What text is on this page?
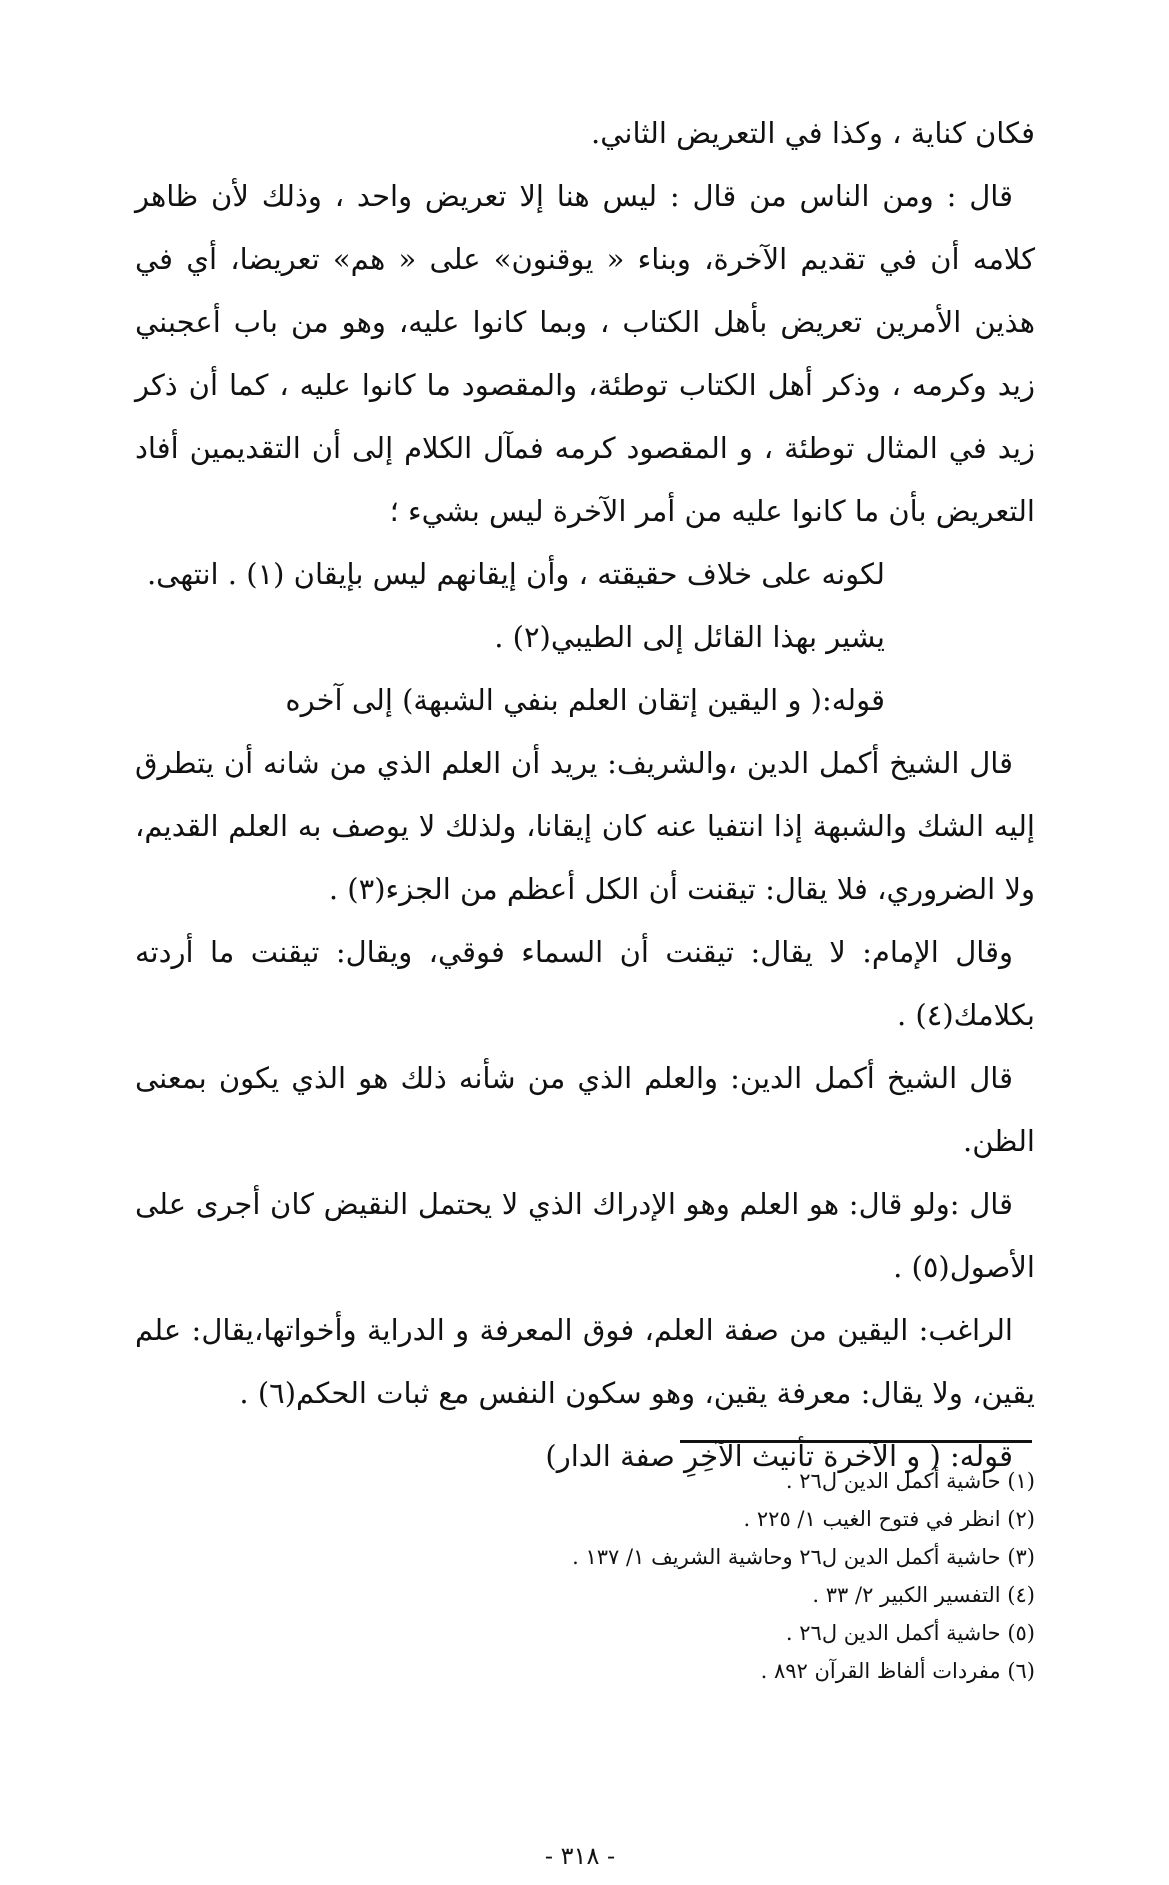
فكان كناية ، وكذا في التعريض الثاني.

قال : ومن الناس من قال : ليس هنا إلا تعريض واحد ، وذلك لأن ظاهر كلامه أن في تقديم الآخرة، وبناء « يوقنون» على « هم» تعريضا، أي في هذين الأمرين تعريض بأهل الكتاب ، وبما كانوا عليه، وهو من باب أعجبني زيد وكرمه ، وذكر أهل الكتاب توطئة، والمقصود ما كانوا عليه ، كما أن ذكر زيد في المثال توطئة ، و المقصود كرمه فمآل الكلام إلى أن التقديمين أفاد التعريض بأن ما كانوا عليه من أمر الآخرة ليس بشيء ؛

لكونه على خلاف حقيقته ، وأن إيقانهم ليس بإيقان (١) . انتهى.

يشير بهذا القائل إلى الطيبي(٢) .

قوله:( و اليقين إتقان العلم بنفي الشبهة) إلى آخره

قال الشيخ أكمل الدين ،والشريف: يريد أن العلم الذي من شانه أن يتطرق إليه الشك والشبهة إذا انتفيا عنه كان إيقانا، ولذلك لا يوصف به العلم القديم، ولا الضروري، فلا يقال: تيقنت أن الكل أعظم من الجزء(٣) .

وقال الإمام: لا يقال: تيقنت أن السماء فوقي، ويقال: تيقنت ما أردته بكلامك(٤) .

قال الشيخ أكمل الدين: والعلم الذي من شأنه ذلك هو الذي يكون بمعنى الظن.

قال :ولو قال: هو العلم وهو الإدراك الذي لا يحتمل النقيض كان أجرى على الأصول(٥) .

الراغب: اليقين من صفة العلم، فوق المعرفة و الدراية وأخواتها،يقال: علم يقين، ولا يقال: معرفة يقين، وهو سكون النفس مع ثبات الحكم(٦) .

قوله: ( و الآخرة تأنيث الآخِرِ صفة الدار)

(١) حاشية أكمل الدين ل٢٦ .

(٢) انظر في فتوح الغيب ١/ ٢٢٥ .

(٣) حاشية أكمل الدين ل٢٦ وحاشية الشريف ١/ ١٣٧ .

(٤) التفسير الكبير ٢/ ٣٣ .

(٥) حاشية أكمل الدين ل٢٦ .

(٦) مفردات ألفاظ القرآن ٨٩٢ .

- ٣١٨ -
